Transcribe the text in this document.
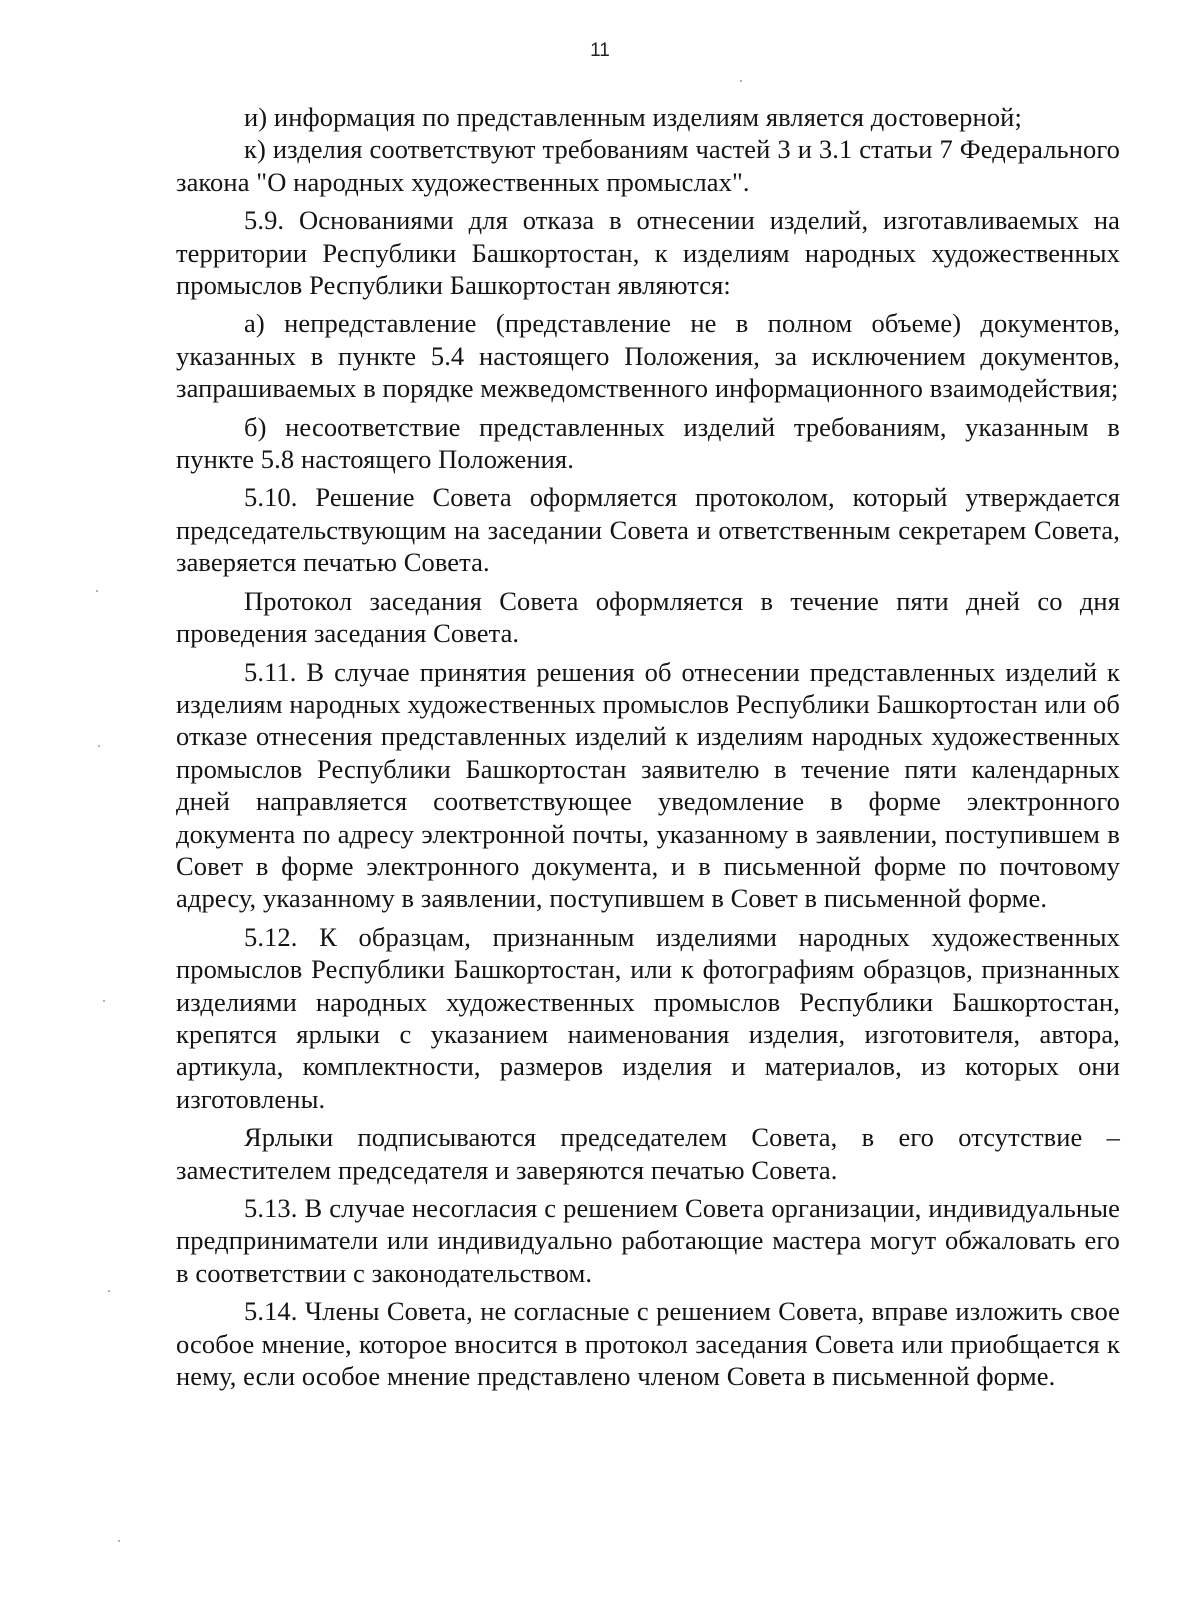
11

и) информация по представленным изделиям является достоверной;

к) изделия соответствуют требованиям частей 3 и 3.1 статьи 7 Федерального закона "О народных художественных промыслах".

5.9. Основаниями для отказа в отнесении изделий, изготавливаемых на территории Республики Башкортостан, к изделиям народных художественных промыслов Республики Башкортостан являются:

а) непредставление (представление не в полном объеме) документов, указанных в пункте 5.4 настоящего Положения, за исключением документов, запрашиваемых в порядке межведомственного информационного взаимодействия;

б) несоответствие представленных изделий требованиям, указанным в пункте 5.8 настоящего Положения.

5.10. Решение Совета оформляется протоколом, который утверждается председательствующим на заседании Совета и ответственным секретарем Совета, заверяется печатью Совета.

Протокол заседания Совета оформляется в течение пяти дней со дня проведения заседания Совета.

5.11. В случае принятия решения об отнесении представленных изделий к изделиям народных художественных промыслов Республики Башкортостан или об отказе отнесения представленных изделий к изделиям народных художественных промыслов Республики Башкортостан заявителю в течение пяти календарных дней направляется соответствующее уведомление в форме электронного документа по адресу электронной почты, указанному в заявлении, поступившем в Совет в форме электронного документа, и в письменной форме по почтовому адресу, указанному в заявлении, поступившем в Совет в письменной форме.

5.12. К образцам, признанным изделиями народных художественных промыслов Республики Башкортостан, или к фотографиям образцов, признанных изделиями народных художественных промыслов Республики Башкортостан, крепятся ярлыки с указанием наименования изделия, изготовителя, автора, артикула, комплектности, размеров изделия и материалов, из которых они изготовлены.

Ярлыки подписываются председателем Совета, в его отсутствие – заместителем председателя и заверяются печатью Совета.

5.13. В случае несогласия с решением Совета организации, индивидуальные предприниматели или индивидуально работающие мастера могут обжаловать его в соответствии с законодательством.

5.14. Члены Совета, не согласные с решением Совета, вправе изложить свое особое мнение, которое вносится в протокол заседания Совета или приобщается к нему, если особое мнение представлено членом Совета в письменной форме.
